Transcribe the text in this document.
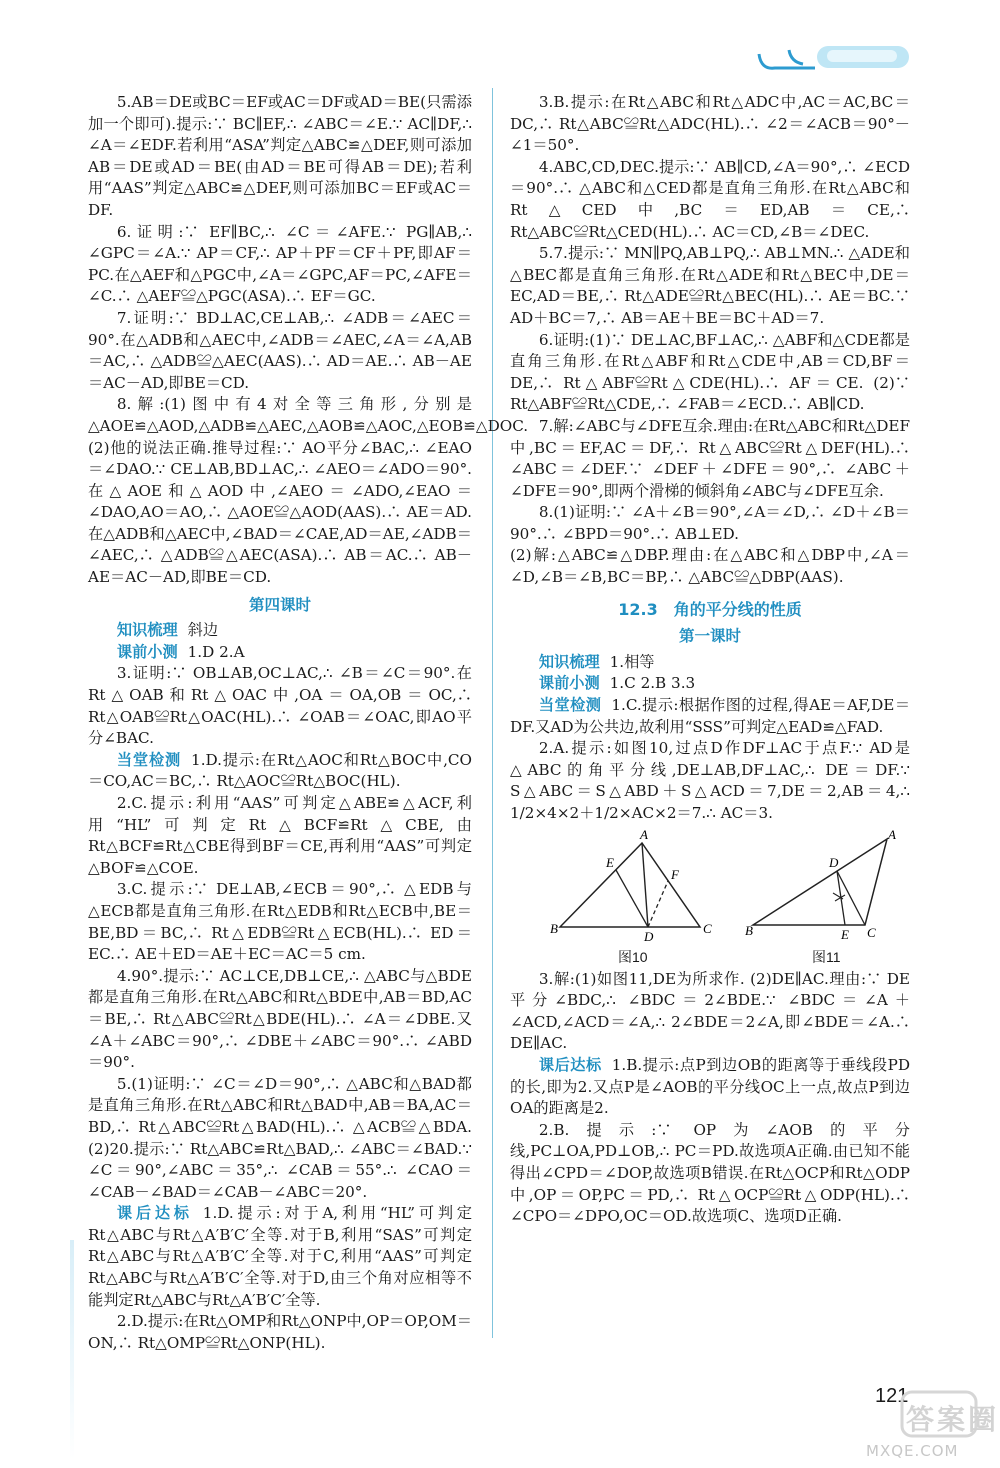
5.AB＝DE或BC＝EF或AC＝DF或AD＝BE(只需添加一个即可).提示:∵ BC∥EF,∴ ∠ABC＝∠E.∵ AC∥DF,∴ ∠A＝∠EDF.若利用“ASA”判定△ABC≌△DEF,则可添加AB＝DE或AD＝BE(由AD＝BE可得AB＝DE);若利用“AAS”判定△ABC≌△DEF,则可添加BC＝EF或AC＝DF.

6.证明:∵ EF∥BC,∴ ∠C＝∠AFE.∵ PG∥AB,∴ ∠GPC＝∠A.∵ AP＝CF,∴ AP＋PF＝CF＋PF,即AF＝PC.在△AEF和△PGC中,∠A＝∠GPC,AF＝PC,∠AFE＝∠C.∴ △AEF≌△PGC(ASA).∴ EF＝GC.

7.证明:∵ BD⊥AC,CE⊥AB,∴ ∠ADB＝∠AEC＝90°.在△ADB和△AEC中,∠ADB＝∠AEC,∠A＝∠A,AB＝AC,∴ △ADB≌△AEC(AAS).∴ AD＝AE.∴ AB－AE＝AC－AD,即BE＝CD.

8.解:(1)图中有4对全等三角形,分别是△AOE≌△AOD,△ADB≌△AEC,△AOB≌△AOC,△EOB≌△DOC. (2)他的说法正确.推导过程:∵ AO平分∠BAC,∴ ∠EAO＝∠DAO.∵ CE⊥AB,BD⊥AC,∴ ∠AEO＝∠ADO＝90°.在△AOE和△AOD中,∠AEO＝∠ADO,∠EAO＝∠DAO,AO＝AO,∴ △AOE≌△AOD(AAS).∴ AE＝AD.在△ADB和△AEC中,∠BAD＝∠CAE,AD＝AE,∠ADB＝∠AEC,∴ △ADB≌△AEC(ASA).∴ AB＝AC.∴ AB－AE＝AC－AD,即BE＝CD.

第四课时

知识梳理 斜边

课前小测 1.D 2.A

3.证明:∵ OB⊥AB,OC⊥AC,∴ ∠B＝∠C＝90°.在Rt△OAB和Rt△OAC中,OA＝OA,OB＝OC,∴ Rt△OAB≌Rt△OAC(HL).∴ ∠OAB＝∠OAC,即AO平分∠BAC.

当堂检测 1.D.提示:在Rt△AOC和Rt△BOC中,CO＝CO,AC＝BC,∴ Rt△AOC≌Rt△BOC(HL).

2.C.提示:利用“AAS”可判定△ABE≌△ACF,利用“HL”可判定Rt△BCF≌Rt△CBE,由Rt△BCF≌Rt△CBE得到BF＝CE,再利用“AAS”可判定△BOF≌△COE.

3.C.提示:∵ DE⊥AB,∠ECB＝90°,∴ △EDB与△ECB都是直角三角形.在Rt△EDB和Rt△ECB中,BE＝BE,BD＝BC,∴ Rt△EDB≌Rt△ECB(HL).∴ ED＝EC.∴ AE＋ED＝AE＋EC＝AC＝5 cm.

4.90°.提示:∵ AC⊥CE,DB⊥CE,∴ △ABC与△BDE都是直角三角形.在Rt△ABC和Rt△BDE中,AB＝BD,AC＝BE,∴ Rt△ABC≌Rt△BDE(HL).∴ ∠A＝∠DBE.又∠A＋∠ABC＝90°,∴ ∠DBE＋∠ABC＝90°.∴ ∠ABD＝90°.

5.(1)证明:∵ ∠C＝∠D＝90°,∴ △ABC和△BAD都是直角三角形.在Rt△ABC和Rt△BAD中,AB＝BA,AC＝BD,∴ Rt△ABC≌Rt△BAD(HL).∴ △ACB≌△BDA. (2)20.提示:∵ Rt△ABC≌Rt△BAD,∴ ∠ABC＝∠BAD.∵ ∠C＝90°,∠ABC＝35°,∴ ∠CAB＝55°.∴ ∠CAO＝∠CAB－∠BAD＝∠CAB－∠ABC＝20°.

课后达标 1.D.提示:对于A,利用“HL”可判定Rt△ABC与Rt△A′B′C′全等.对于B,利用“SAS”可判定Rt△ABC与Rt△A′B′C′全等.对于C,利用“AAS”可判定Rt△ABC与Rt△A′B′C′全等.对于D,由三个角对应相等不能判定Rt△ABC与Rt△A′B′C′全等.

2.D.提示:在Rt△OMP和Rt△ONP中,OP＝OP,OM＝ON,∴ Rt△OMP≌Rt△ONP(HL).

3.B.提示:在Rt△ABC和Rt△ADC中,AC＝AC,BC＝DC,∴ Rt△ABC≌Rt△ADC(HL).∴ ∠2＝∠ACB＝90°－∠1＝50°.

4.ABC,CD,DEC.提示:∵ AB∥CD,∠A＝90°,∴ ∠ECD＝90°.∴ △ABC和△CED都是直角三角形.在Rt△ABC和Rt△CED中,BC＝ED,AB＝CE,∴ Rt△ABC≌Rt△CED(HL).∴ AC＝CD,∠B＝∠DEC.

5.7.提示:∵ MN∥PQ,AB⊥PQ,∴ AB⊥MN.∴ △ADE和△BEC都是直角三角形.在Rt△ADE和Rt△BEC中,DE＝EC,AD＝BE,∴ Rt△ADE≌Rt△BEC(HL).∴ AE＝BC.∵ AD＋BC＝7,∴ AB＝AE＋BE＝BC＋AD＝7.

6.证明:(1)∵ DE⊥AC,BF⊥AC,∴ △ABF和△CDE都是直角三角形.在Rt△ABF和Rt△CDE中,AB＝CD,BF＝DE,∴ Rt△ABF≌Rt△CDE(HL).∴ AF＝CE. (2)∵ Rt△ABF≌Rt△CDE,∴ ∠FAB＝∠ECD.∴ AB∥CD.

7.解:∠ABC与∠DFE互余.理由:在Rt△ABC和Rt△DEF中,BC＝EF,AC＝DF,∴ Rt△ABC≌Rt△DEF(HL).∴ ∠ABC＝∠DEF.∵ ∠DEF＋∠DFE＝90°,∴ ∠ABC＋∠DFE＝90°,即两个滑梯的倾斜角∠ABC与∠DFE互余.

8.(1)证明:∵ ∠A＋∠B＝90°,∠A＝∠D,∴ ∠D＋∠B＝90°.∴ ∠BPD＝90°.∴ AB⊥ED.

(2)解:△ABC≌△DBP.理由:在△ABC和△DBP中,∠A＝∠D,∠B＝∠B,BC＝BP,∴ △ABC≌△DBP(AAS).

12.3　角的平分线的性质
第一课时

知识梳理 1.相等

课前小测 1.C 2.B 3.3

当堂检测 1.C.提示:根据作图的过程,得AE＝AF,DE＝DF.又AD为公共边,故利用“SSS”可判定△EAD≌△FAD.

2.A.提示:如图10,过点D作DF⊥AC于点F.∵ AD是△ABC的角平分线,DE⊥AB,DF⊥AC,∴ DE＝DF.∵ S△ABC＝S△ABD＋S△ACD＝7,DE＝2,AB＝4,∴ 1/2×4×2＋1/2×AC×2＝7.∴ AC＝3.

A
B	C
D
E
F
图10
A
B	C
D
E
图11

3.解:(1)如图11,DE为所求作. (2)DE∥AC.理由:∵ DE平分∠BDC,∴ ∠BDC＝2∠BDE.∵ ∠BDC＝∠A＋∠ACD,∠ACD＝∠A,∴ 2∠BDE＝2∠A,即∠BDE＝∠A.∴ DE∥AC.

课后达标 1.B.提示:点P到边OB的距离等于垂线段PD的长,即为2.又点P是∠AOB的平分线OC上一点,故点P到边OA的距离是2.

2.B.提示:∵ OP为∠AOB的平分线,PC⊥OA,PD⊥OB,∴ PC＝PD.故选项A正确.由已知不能得出∠CPD＝∠DOP,故选项B错误.在Rt△OCP和Rt△ODP中,OP＝OP,PC＝PD,∴ Rt△OCP≌Rt△ODP(HL).∴ ∠CPO＝∠DPO,OC＝OD.故选项C、选项D正确.

121
答案圈
MXQE.COM
